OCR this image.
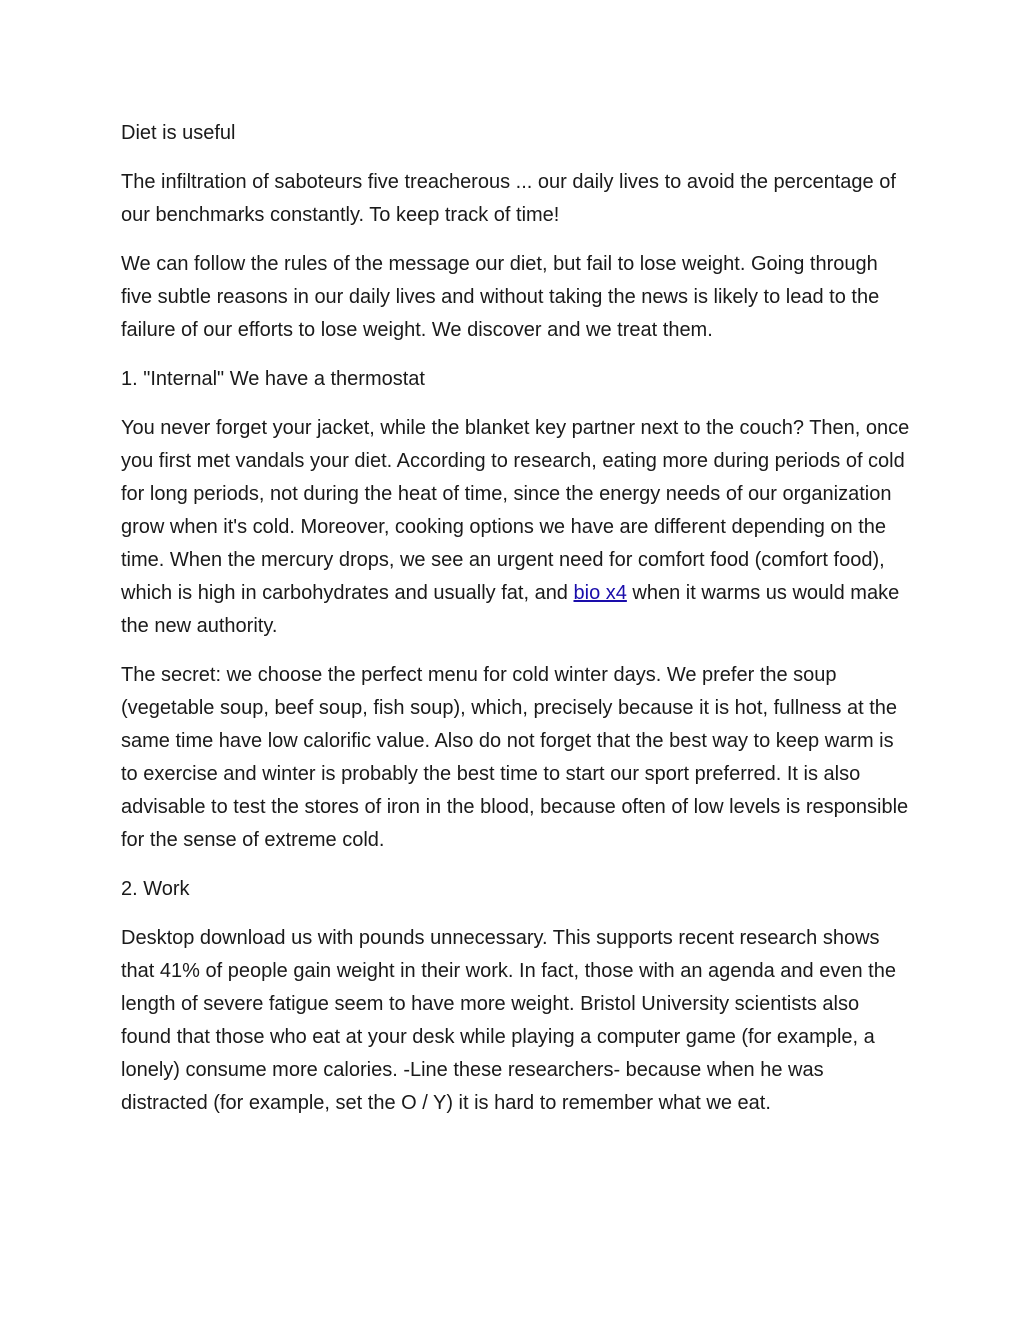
Diet is useful

The infiltration of saboteurs five treacherous ... our daily lives to avoid the percentage of our benchmarks constantly. To keep track of time!

We can follow the rules of the message our diet, but fail to lose weight. Going through five subtle reasons in our daily lives and without taking the news is likely to lead to the failure of our efforts to lose weight. We discover and we treat them.

1. "Internal" We have a thermostat

You never forget your jacket, while the blanket key partner next to the couch? Then, once you first met vandals your diet. According to research, eating more during periods of cold for long periods, not during the heat of time, since the energy needs of our organization grow when it's cold. Moreover, cooking options we have are different depending on the time. When the mercury drops, we see an urgent need for comfort food (comfort food), which is high in carbohydrates and usually fat, and bio x4 when it warms us would make the new authority.

The secret: we choose the perfect menu for cold winter days. We prefer the soup (vegetable soup, beef soup, fish soup), which, precisely because it is hot, fullness at the same time have low calorific value. Also do not forget that the best way to keep warm is to exercise and winter is probably the best time to start our sport preferred. It is also advisable to test the stores of iron in the blood, because often of low levels is responsible for the sense of extreme cold.

2. Work

Desktop download us with pounds unnecessary. This supports recent research shows that 41% of people gain weight in their work. In fact, those with an agenda and even the length of severe fatigue seem to have more weight. Bristol University scientists also found that those who eat at your desk while playing a computer game (for example, a lonely) consume more calories. -Line these researchers- because when he was distracted (for example, set the O / Y) it is hard to remember what we eat.
